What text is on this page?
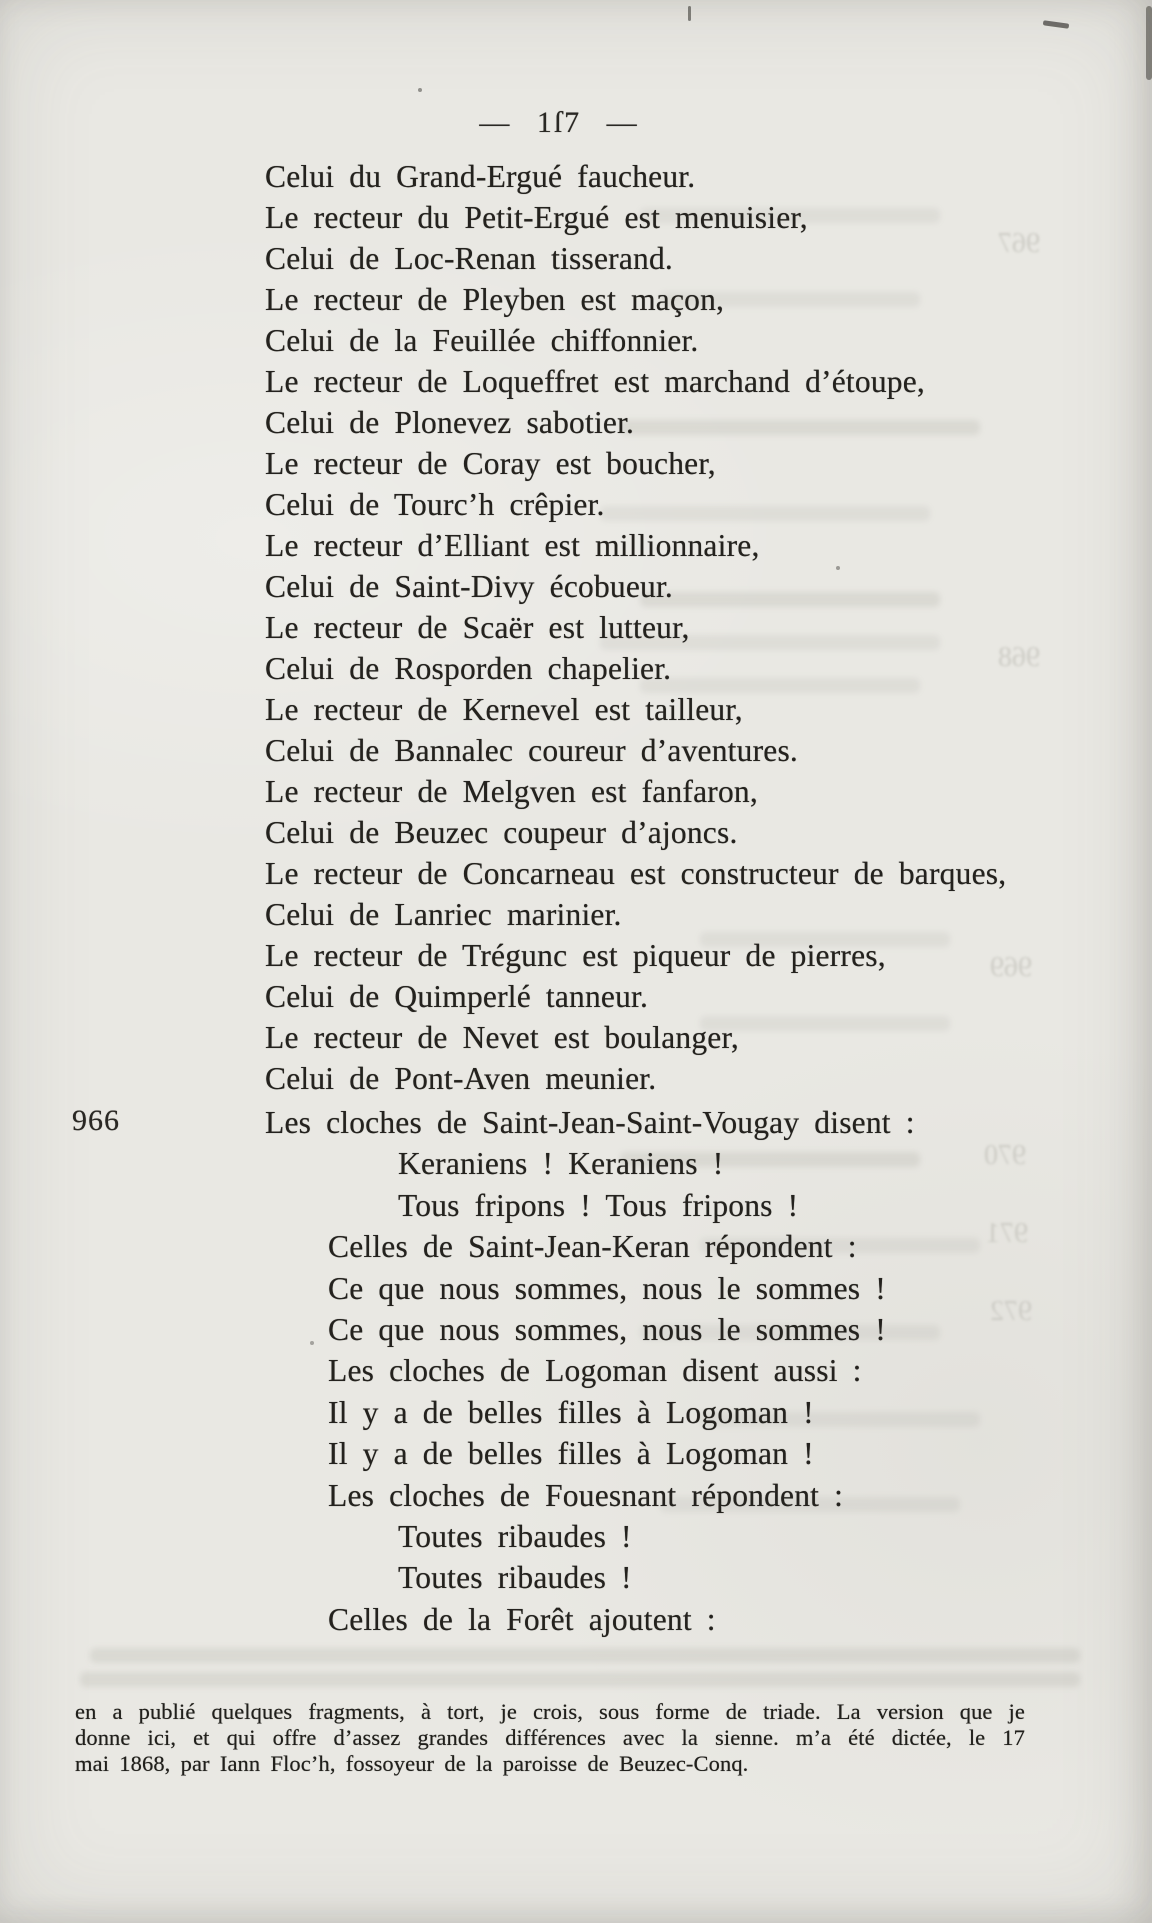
967
968
969
970
971
972
— 1ſ7 —
Celui du Grand-Ergué faucheur.
Le recteur du Petit-Ergué est menuisier,
Celui de Loc-Renan tisserand.
Le recteur de Pleyben est maçon,
Celui de la Feuillée chiffonnier.
Le recteur de Loqueffret est marchand d’étoupe,
Celui de Plonevez sabotier.
Le recteur de Coray est boucher,
Celui de Tourc’h crêpier.
Le recteur d’Elliant est millionnaire,
Celui de Saint-Divy écobueur.
Le recteur de Scaër est lutteur,
Celui de Rosporden chapelier.
Le recteur de Kernevel est tailleur,
Celui de Bannalec coureur d’aventures.
Le recteur de Melgven est fanfaron,
Celui de Beuzec coupeur d’ajoncs.
Le recteur de Concarneau est constructeur de barques,
Celui de Lanriec marinier.
Le recteur de Trégunc est piqueur de pierres,
Celui de Quimperlé tanneur.
Le recteur de Nevet est boulanger,
Celui de Pont-Aven meunier.
966	Les cloches de Saint-Jean-Saint-Vougay disent :
Keraniens ! Keraniens !
Tous fripons ! Tous fripons !
Celles de Saint-Jean-Keran répondent :
Ce que nous sommes, nous le sommes !
Ce que nous sommes, nous le sommes !
Les cloches de Logoman disent aussi :
Il y a de belles filles à Logoman !
Il y a de belles filles à Logoman !
Les cloches de Fouesnant répondent :
Toutes ribaudes !
Toutes ribaudes !
Celles de la Forêt ajoutent :
en a publié quelques fragments, à tort, je crois, sous forme de triade. La version que je
donne ici, et qui offre d’assez grandes différences avec la sienne. m’a été dictée, le 17
mai 1868, par Iann Floc’h, fossoyeur de la paroisse de Beuzec-Conq.
